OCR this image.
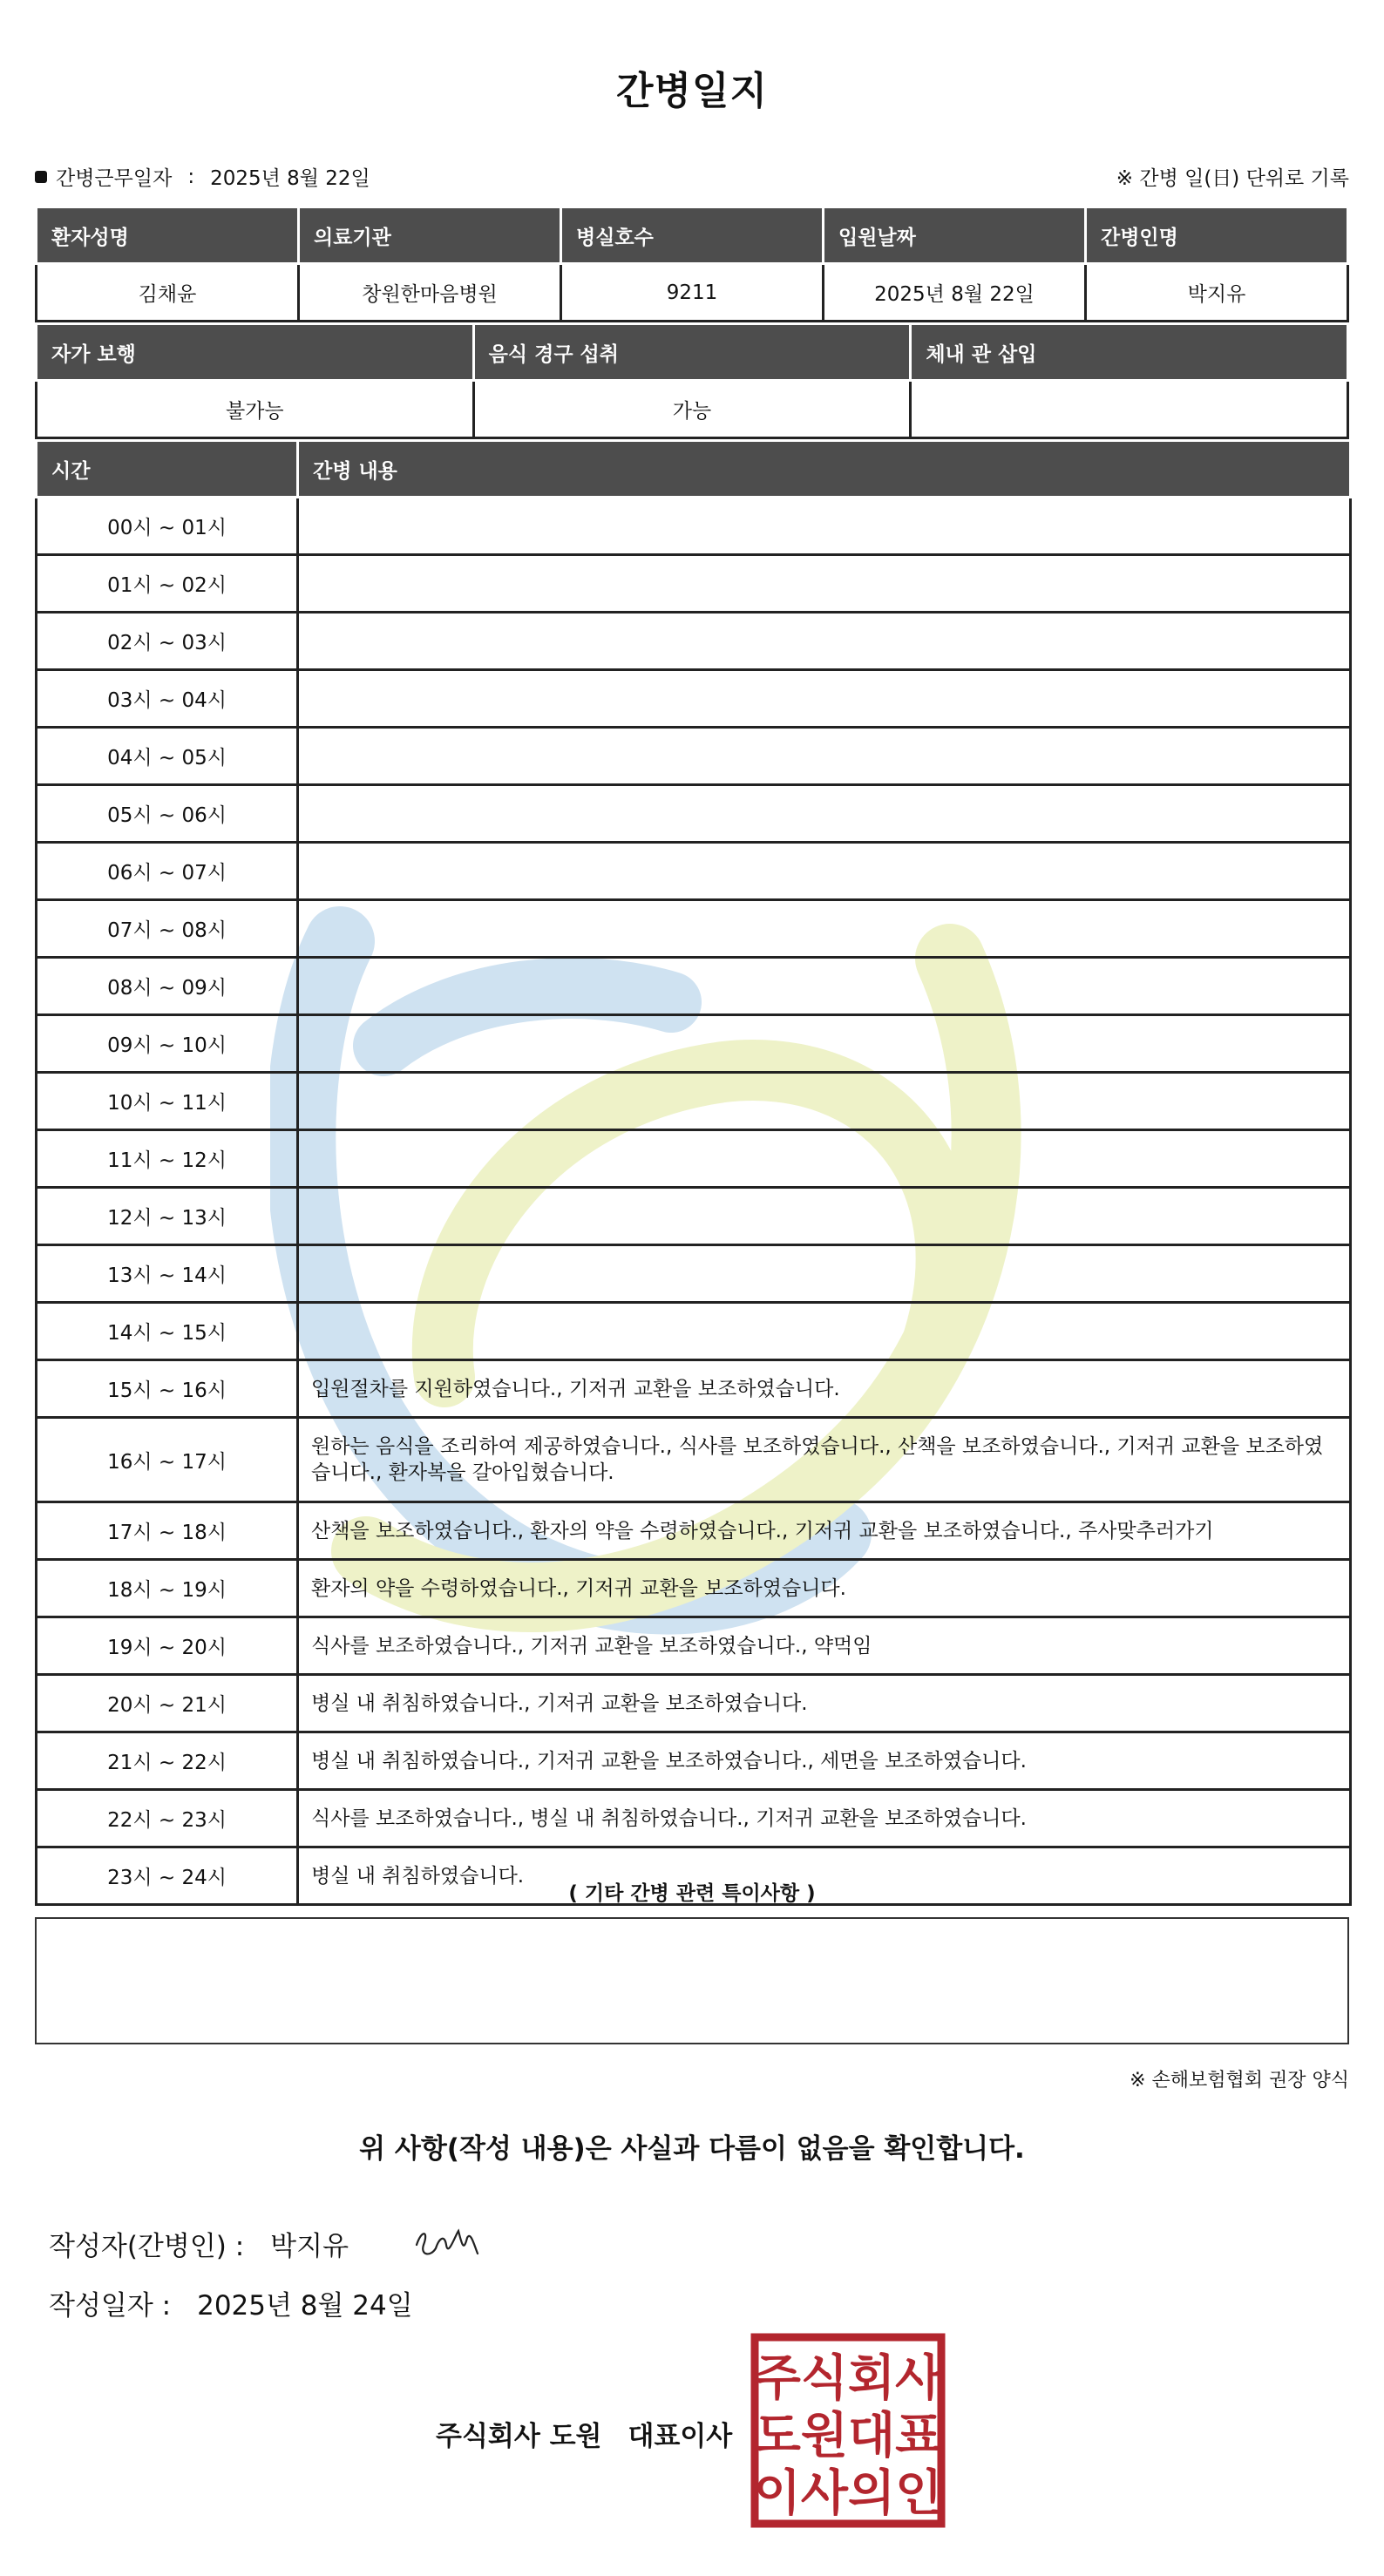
간병일지
간병근무일자 : 2025년 8월 22일	※ 간병 일(日) 단위로 기록
환자성명	의료기관	병실호수	입원날짜	간병인명
김채윤	창원한마음병원	9211	2025년 8월 22일	박지유
자가 보행	음식 경구 섭취	체내 관 삽입
불가능	가능	
시간	간병 내용
00시 ~ 01시	
01시 ~ 02시	
02시 ~ 03시	
03시 ~ 04시	
04시 ~ 05시	
05시 ~ 06시	
06시 ~ 07시	
07시 ~ 08시	
08시 ~ 09시	
09시 ~ 10시	
10시 ~ 11시	
11시 ~ 12시	
12시 ~ 13시	
13시 ~ 14시	
14시 ~ 15시	
15시 ~ 16시	입원절차를 지원하였습니다., 기저귀 교환을 보조하였습니다.
16시 ~ 17시	원하는 음식을 조리하여 제공하였습니다., 식사를 보조하였습니다., 산책을 보조하였습니다., 기저귀 교환을 보조하였습니다., 환자복을 갈아입혔습니다.
17시 ~ 18시	산책을 보조하였습니다., 환자의 약을 수령하였습니다., 기저귀 교환을 보조하였습니다., 주사맞추러가기
18시 ~ 19시	환자의 약을 수령하였습니다., 기저귀 교환을 보조하였습니다.
19시 ~ 20시	식사를 보조하였습니다., 기저귀 교환을 보조하였습니다., 약먹임
20시 ~ 21시	병실 내 취침하였습니다., 기저귀 교환을 보조하였습니다.
21시 ~ 22시	병실 내 취침하였습니다., 기저귀 교환을 보조하였습니다., 세면을 보조하였습니다.
22시 ~ 23시	식사를 보조하였습니다., 병실 내 취침하였습니다., 기저귀 교환을 보조하였습니다.
23시 ~ 24시	병실 내 취침하였습니다.
( 기타 간병 관련 특이사항 )
※ 손해보험협회 권장 양식
위 사항(작성 내용)은 사실과 다름이 없음을 확인합니다.
작성자(간병인) : 박지유
작성일자 : 2025년 8월 24일
주식회사 도원 대표이사
주식회사
도원대표
이사의인
